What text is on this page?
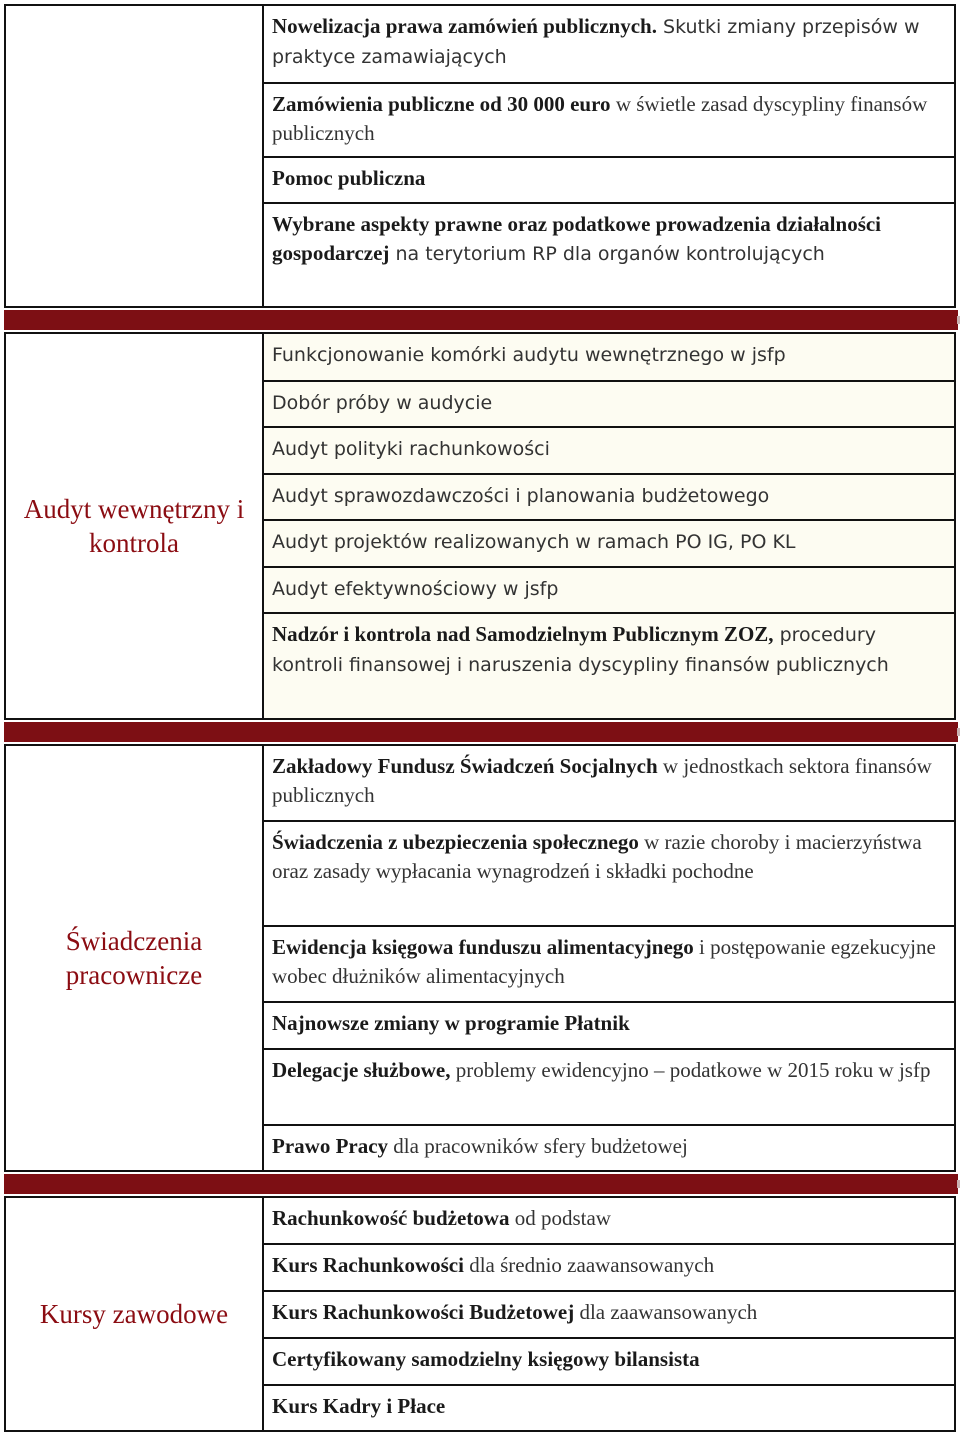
Nowelizacja prawa zamówień publicznych. Skutki zmiany przepisów w praktyce zamawiających
Zamówienia publiczne od 30 000 euro w świetle zasad dyscypliny finansów publicznych
Pomoc publiczna
Wybrane aspekty prawne oraz podatkowe prowadzenia działalności gospodarczej na terytorium RP dla organów kontrolujących
Audyt wewnętrzny i kontrola
Funkcjonowanie komórki audytu wewnętrznego w jsfp
Dobór próby w audycie
Audyt polityki rachunkowości
Audyt sprawozdawczości i planowania budżetowego
Audyt projektów realizowanych w ramach PO IG, PO KL
Audyt efektywnościowy w jsfp
Nadzór i kontrola nad Samodzielnym Publicznym ZOZ, procedury kontroli finansowej i naruszenia dyscypliny finansów publicznych
Świadczenia pracownicze
Zakładowy Fundusz Świadczeń Socjalnych w jednostkach sektora finansów publicznych
Świadczenia z ubezpieczenia społecznego w razie choroby i macierzyństwa oraz zasady wypłacania wynagrodzeń i składki pochodne
Ewidencja księgowa funduszu alimentacyjnego i postępowanie egzekucyjne wobec dłużników alimentacyjnych
Najnowsze zmiany w programie Płatnik
Delegacje służbowe, problemy ewidencyjno – podatkowe w 2015 roku w jsfp
Prawo Pracy dla pracowników sfery budżetowej
Kursy zawodowe
Rachunkowość budżetowa od podstaw
Kurs Rachunkowości dla średnio zaawansowanych
Kurs Rachunkowości Budżetowej dla zaawansowanych
Certyfikowany samodzielny księgowy bilansista
Kurs Kadry i Płace
